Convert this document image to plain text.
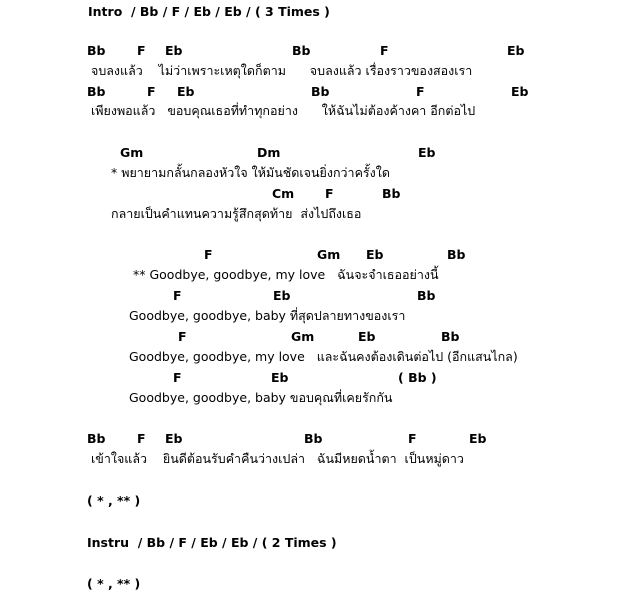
Intro  / Bb / F / Eb / Eb / ( 3 Times )
Bb	F Eb	Bb	F	Eb
จบลงแล้ว    ไม่ว่าเพราะเหตุใดก็ตาม      จบลงแล้ว เรื่องราวของสองเรา
Bb	F Eb	Bb	F	Eb
เพียงพอแล้ว   ขอบคุณเธอที่ทำทุกอย่าง      ให้ฉันไม่ต้องค้างคา อีกต่อไป
Gm	Dm	Eb
* พยายามกลั้นกลองหัวใจ ให้มันชัดเจนยิ่งกว่าครั้งใด
Cm F	Bb
กลายเป็นคำแทนความรู้สึกสุดท้าย  ส่งไปถึงเธอ
F	Gm Eb	Bb
** Goodbye, goodbye, my love   ฉันจะจำเธออย่างนี้
F	Eb	Bb
Goodbye, goodbye, baby ที่สุดปลายทางของเรา
F	Gm	Eb	Bb
Goodbye, goodbye, my love   และฉันคงต้องเดินต่อไป (อีกแสนไกล)
F	Eb	( Bb )
Goodbye, goodbye, baby ขอบคุณที่เคยรักกัน
Bb	F Eb	Bb	F	Eb
เข้าใจแล้ว    ยินดีต้อนรับคำคืนว่างเปล่า   ฉันมีหยดน้ำตา  เป็นหมู่ดาว
( * , ** )
Instru  / Bb / F / Eb / Eb / ( 2 Times )
( * , ** )
